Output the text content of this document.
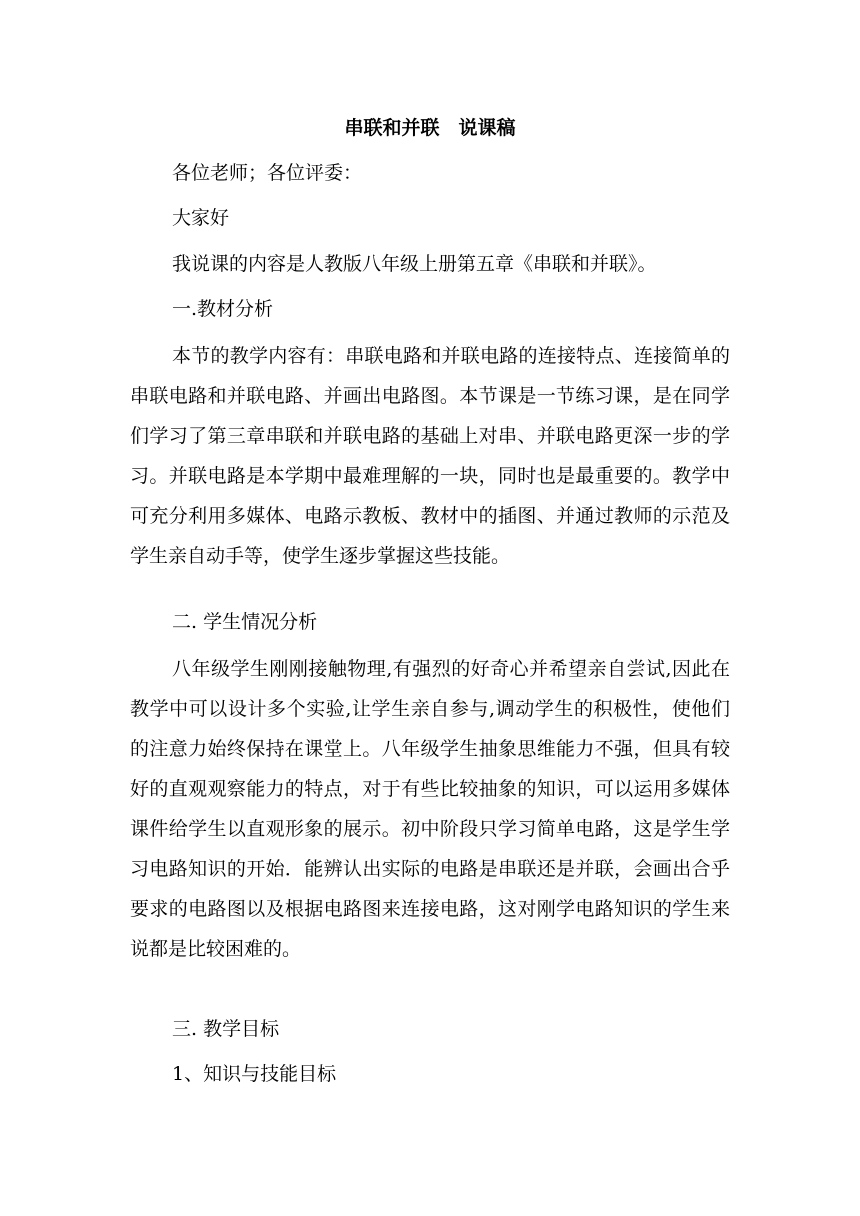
串联和并联　说课稿
各位老师；各位评委：
大家好
我说课的内容是人教版八年级上册第五章《串联和并联》。
一.教材分析

本节的教学内容有：串联电路和并联电路的连接特点、连接简单的串联电路和并联电路、并画出电路图。本节课是一节练习课，是在同学们学习了第三章串联和并联电路的基础上对串、并联电路更深一步的学习。并联电路是本学期中最难理解的一块，同时也是最重要的。教学中可充分利用多媒体、电路示教板、教材中的插图、并通过教师的示范及学生亲自动手等，使学生逐步掌握这些技能。

二. 学生情况分析

八年级学生刚刚接触物理,有强烈的好奇心并希望亲自尝试,因此在教学中可以设计多个实验,让学生亲自参与,调动学生的积极性，使他们的注意力始终保持在课堂上。八年级学生抽象思维能力不强，但具有较好的直观观察能力的特点，对于有些比较抽象的知识，可以运用多媒体课件给学生以直观形象的展示。初中阶段只学习简单电路，这是学生学习电路知识的开始．能辨认出实际的电路是串联还是并联，会画出合乎要求的电路图以及根据电路图来连接电路，这对刚学电路知识的学生来说都是比较困难的。

三. 教学目标
1、知识与技能目标
